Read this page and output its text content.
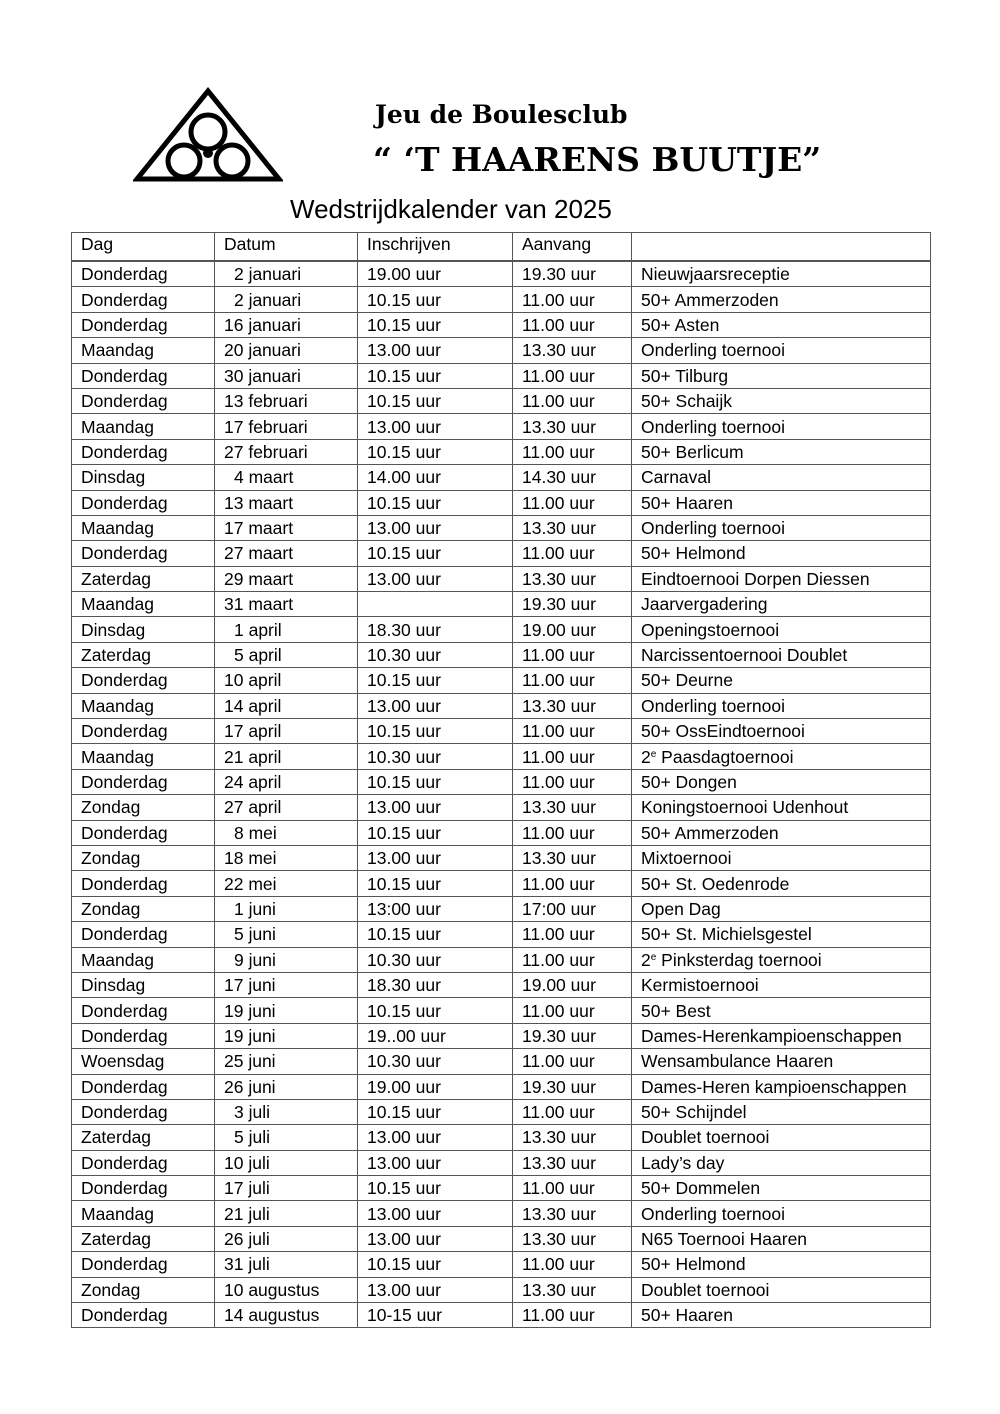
Jeu de Boulesclub
“ ‘T HAARENS BUUTJE”
Wedstrijdkalender van 2025
Dag	Datum	Inschrijven	Aanvang	
Donderdag	2 januari	19.00 uur	19.30 uur	Nieuwjaarsreceptie
Donderdag	2 januari	10.15 uur	11.00 uur	50+ Ammerzoden
Donderdag	16 januari	10.15 uur	11.00 uur	50+ Asten
Maandag	20 januari	13.00 uur	13.30 uur	Onderling toernooi
Donderdag	30 januari	10.15 uur	11.00 uur	50+ Tilburg
Donderdag	13 februari	10.15 uur	11.00 uur	50+ Schaijk
Maandag	17 februari	13.00 uur	13.30 uur	Onderling toernooi
Donderdag	27 februari	10.15 uur	11.00 uur	50+ Berlicum
Dinsdag	4 maart	14.00 uur	14.30 uur	Carnaval
Donderdag	13 maart	10.15 uur	11.00 uur	50+ Haaren
Maandag	17 maart	13.00 uur	13.30 uur	Onderling toernooi
Donderdag	27 maart	10.15 uur	11.00 uur	50+ Helmond
Zaterdag	29 maart	13.00 uur	13.30 uur	Eindtoernooi Dorpen Diessen
Maandag	31 maart		19.30 uur	Jaarvergadering
Dinsdag	1 april	18.30 uur	19.00 uur	Openingstoernooi
Zaterdag	5 april	10.30 uur	11.00 uur	Narcissentoernooi Doublet
Donderdag	10 april	10.15 uur	11.00 uur	50+ Deurne
Maandag	14 april	13.00 uur	13.30 uur	Onderling toernooi
Donderdag	17 april	10.15 uur	11.00 uur	50+ OssEindtoernooi
Maandag	21 april	10.30 uur	11.00 uur	2e Paasdagtoernooi
Donderdag	24 april	10.15 uur	11.00 uur	50+ Dongen
Zondag	27 april	13.00 uur	13.30 uur	Koningstoernooi Udenhout
Donderdag	8 mei	10.15 uur	11.00 uur	50+ Ammerzoden
Zondag	18 mei	13.00 uur	13.30 uur	Mixtoernooi
Donderdag	22 mei	10.15 uur	11.00 uur	50+ St. Oedenrode
Zondag	1 juni	13:00 uur	17:00 uur	Open Dag
Donderdag	5 juni	10.15 uur	11.00 uur	50+ St. Michielsgestel
Maandag	9 juni	10.30 uur	11.00 uur	2e Pinksterdag toernooi
Dinsdag	17 juni	18.30 uur	19.00 uur	Kermistoernooi
Donderdag	19 juni	10.15 uur	11.00 uur	50+ Best
Donderdag	19 juni	19..00 uur	19.30 uur	Dames-Herenkampioenschappen
Woensdag	25 juni	10.30 uur	11.00 uur	Wensambulance Haaren
Donderdag	26 juni	19.00 uur	19.30 uur	Dames-Heren kampioenschappen
Donderdag	3 juli	10.15 uur	11.00 uur	50+ Schijndel
Zaterdag	5 juli	13.00 uur	13.30 uur	Doublet toernooi
Donderdag	10 juli	13.00 uur	13.30 uur	Lady’s day
Donderdag	17 juli	10.15 uur	11.00 uur	50+ Dommelen
Maandag	21 juli	13.00 uur	13.30 uur	Onderling toernooi
Zaterdag	26 juli	13.00 uur	13.30 uur	N65 Toernooi Haaren
Donderdag	31 juli	10.15 uur	11.00 uur	50+ Helmond
Zondag	10 augustus	13.00 uur	13.30 uur	Doublet toernooi
Donderdag	14 augustus	10-15 uur	11.00 uur	50+ Haaren
